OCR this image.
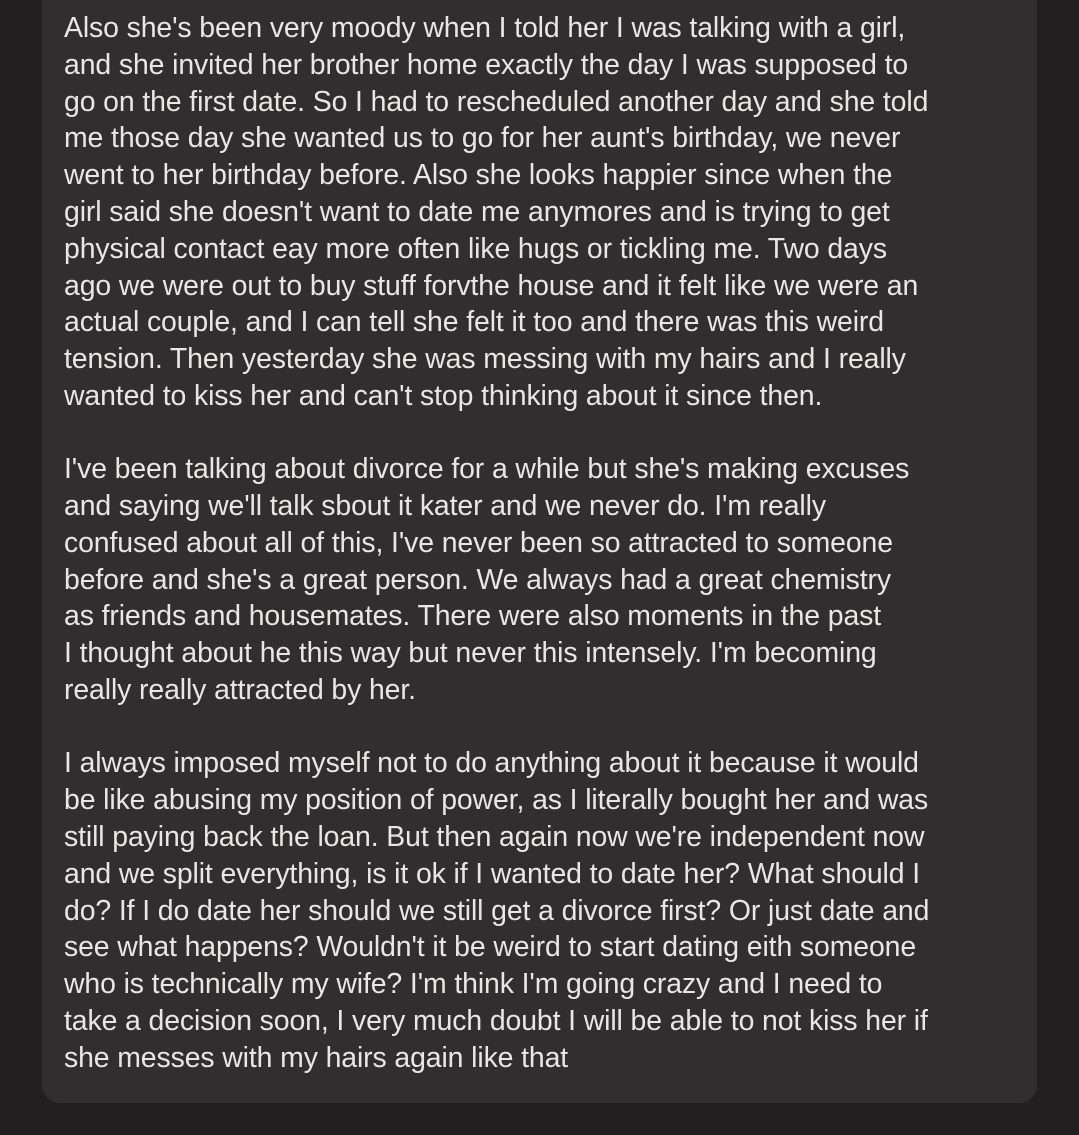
Also she's been very moody when I told her I was talking with a girl,
and she invited her brother home exactly the day I was supposed to
go on the first date. So I had to rescheduled another day and she told
me those day she wanted us to go for her aunt's birthday, we never
went to her birthday before. Also she looks happier since when the
girl said she doesn't want to date me anymores and is trying to get
physical contact eay more often like hugs or tickling me. Two days
ago we were out to buy stuff forvthe house and it felt like we were an
actual couple, and I can tell she felt it too and there was this weird
tension. Then yesterday she was messing with my hairs and I really
wanted to kiss her and can't stop thinking about it since then.

I've been talking about divorce for a while but she's making excuses
and saying we'll talk sbout it kater and we never do. I'm really
confused about all of this, I've never been so attracted to someone
before and she's a great person. We always had a great chemistry
as friends and housemates. There were also moments in the past
I thought about he this way but never this intensely. I'm becoming
really really attracted by her.

I always imposed myself not to do anything about it because it would
be like abusing my position of power, as I literally bought her and was
still paying back the loan. But then again now we're independent now
and we split everything, is it ok if I wanted to date her? What should I
do? If I do date her should we still get a divorce first? Or just date and
see what happens? Wouldn't it be weird to start dating eith someone
who is technically my wife? I'm think I'm going crazy and I need to
take a decision soon, I very much doubt I will be able to not kiss her if
she messes with my hairs again like that
